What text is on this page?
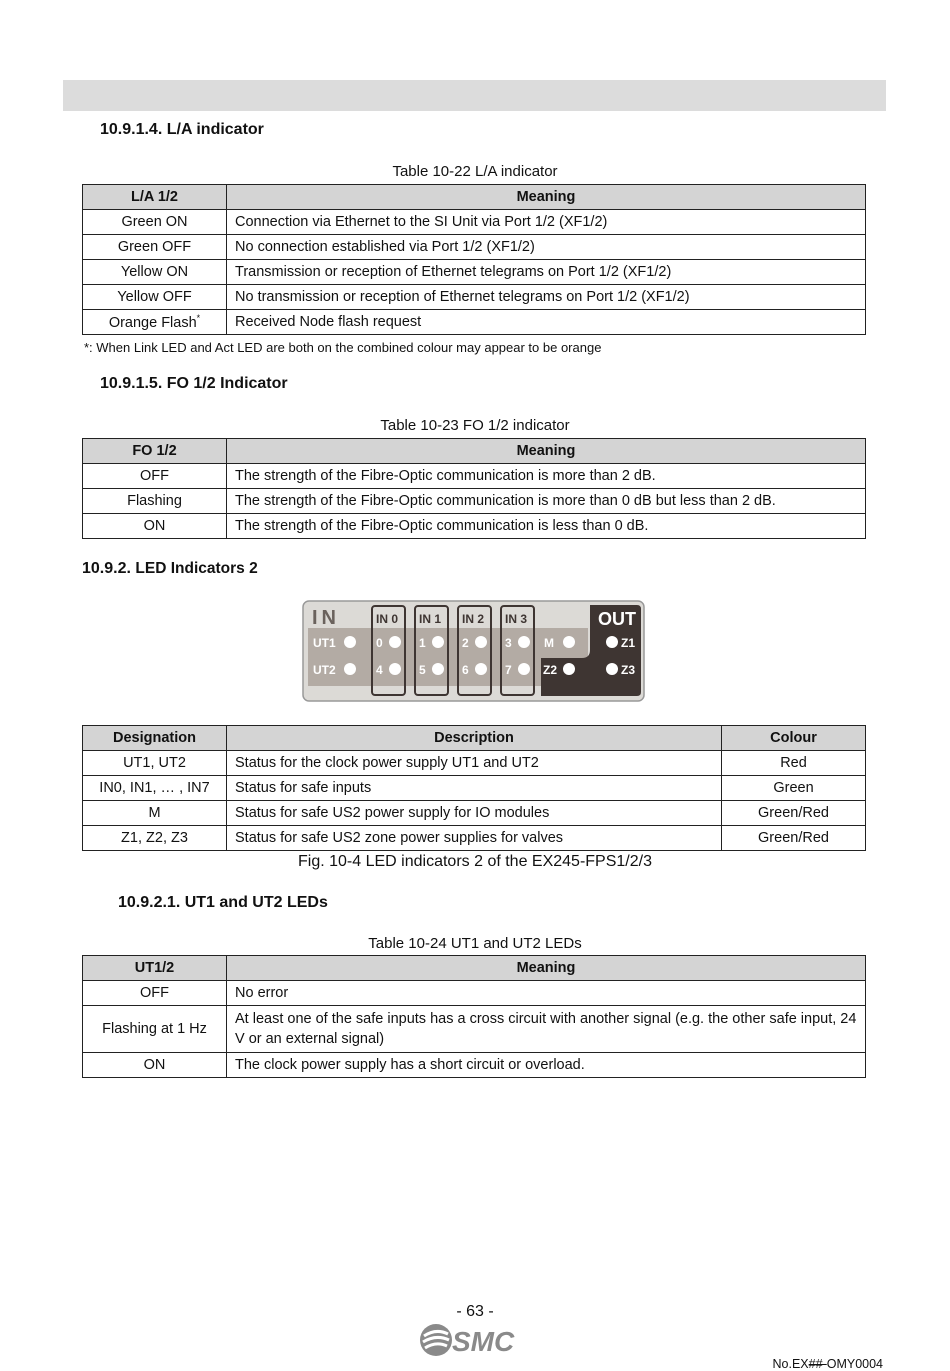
10.9.1.4. L/A indicator
Table 10-22 L/A indicator
L/A 1/2	Meaning
Green ON	Connection via Ethernet to the SI Unit via Port 1/2 (XF1/2)
Green OFF	No connection established via Port 1/2 (XF1/2)
Yellow ON	Transmission or reception of Ethernet telegrams on Port 1/2 (XF1/2)
Yellow OFF	No transmission or reception of Ethernet telegrams on Port 1/2 (XF1/2)
Orange Flash*	Received Node flash request
*: When Link LED and Act LED are both on the combined colour may appear to be orange
10.9.1.5. FO 1/2 Indicator
Table 10-23 FO 1/2 indicator
FO 1/2	Meaning
OFF	The strength of the Fibre-Optic communication is more than 2 dB.
Flashing	The strength of the Fibre-Optic communication is more than 0 dB but less than 2 dB.
ON	The strength of the Fibre-Optic communication is less than 0 dB.
10.9.2. LED Indicators 2
IN	OUT
UT1
UT2
IN 0
0
4
IN 1
1
5
IN 2
2
6
IN 3
3
7
M
Z2
Z1
Z3
Designation	Description	Colour
UT1, UT2	Status for the clock power supply UT1 and UT2	Red
IN0, IN1, … , IN7	Status for safe inputs	Green
M	Status for safe US2 power supply for IO modules	Green/Red
Z1, Z2, Z3	Status for safe US2 zone power supplies for valves	Green/Red
Fig. 10-4 LED indicators 2 of the EX245-FPS1/2/3
10.9.2.1. UT1 and UT2 LEDs
Table 10-24 UT1 and UT2 LEDs
UT1/2	Meaning
OFF	No error
Flashing at 1 Hz	At least one of the safe inputs has a cross circuit with another signal (e.g. the other safe input, 24 V or an external signal)
ON	The clock power supply has a short circuit or overload.
- 63 -
SMC
No.EX##-OMY0004
